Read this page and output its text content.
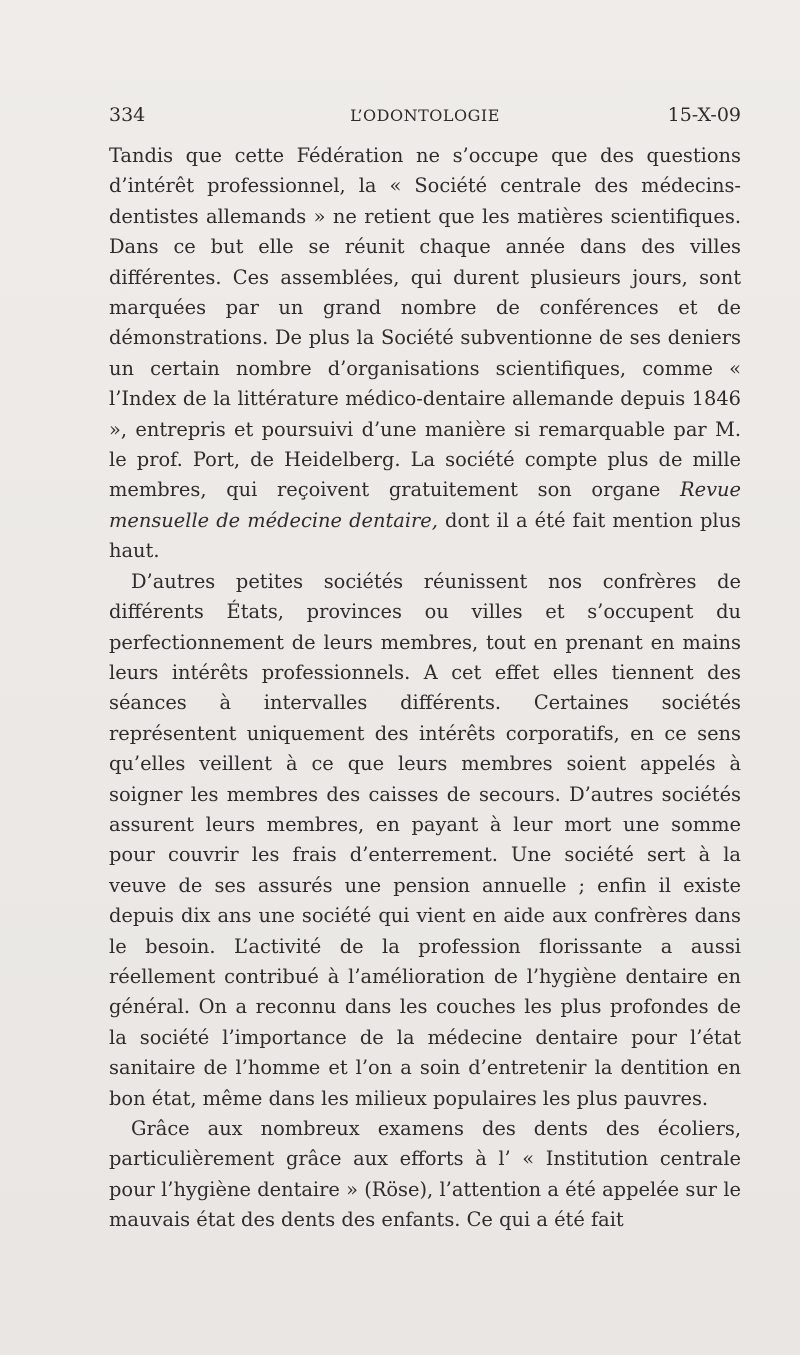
334	L’ODONTOLOGIE	15-X-09

Tandis que cette Fédération ne s’occupe que des questions d’intérêt professionnel, la « Société centrale des médecins-dentistes allemands » ne retient que les matières scientifiques. Dans ce but elle se réunit chaque année dans des villes différentes. Ces assemblées, qui durent plusieurs jours, sont marquées par un grand nombre de conférences et de démonstrations. De plus la Société subventionne de ses deniers un certain nombre d’organisations scientifiques, comme « l’Index de la littérature médico-dentaire allemande depuis 1846 », entrepris et poursuivi d’une manière si remarquable par M. le prof. Port, de Heidelberg. La société compte plus de mille membres, qui reçoivent gratuitement son organe Revue mensuelle de médecine dentaire, dont il a été fait mention plus haut.

D’autres petites sociétés réunissent nos confrères de différents États, provinces ou villes et s’occupent du perfectionnement de leurs membres, tout en prenant en mains leurs intérêts professionnels. A cet effet elles tiennent des séances à intervalles différents. Certaines sociétés représentent uniquement des intérêts corporatifs, en ce sens qu’elles veillent à ce que leurs membres soient appelés à soigner les membres des caisses de secours. D’autres sociétés assurent leurs membres, en payant à leur mort une somme pour couvrir les frais d’enterrement. Une société sert à la veuve de ses assurés une pension annuelle ; enfin il existe depuis dix ans une société qui vient en aide aux confrères dans le besoin. L’activité de la profession florissante a aussi réellement contribué à l’amélioration de l’hygiène dentaire en général. On a reconnu dans les couches les plus profondes de la société l’importance de la médecine dentaire pour l’état sanitaire de l’homme et l’on a soin d’entretenir la dentition en bon état, même dans les milieux populaires les plus pauvres.

Grâce aux nombreux examens des dents des écoliers, particulièrement grâce aux efforts à l’ « Institution centrale pour l’hygiène dentaire » (Röse), l’attention a été appelée sur le mauvais état des dents des enfants. Ce qui a été fait
